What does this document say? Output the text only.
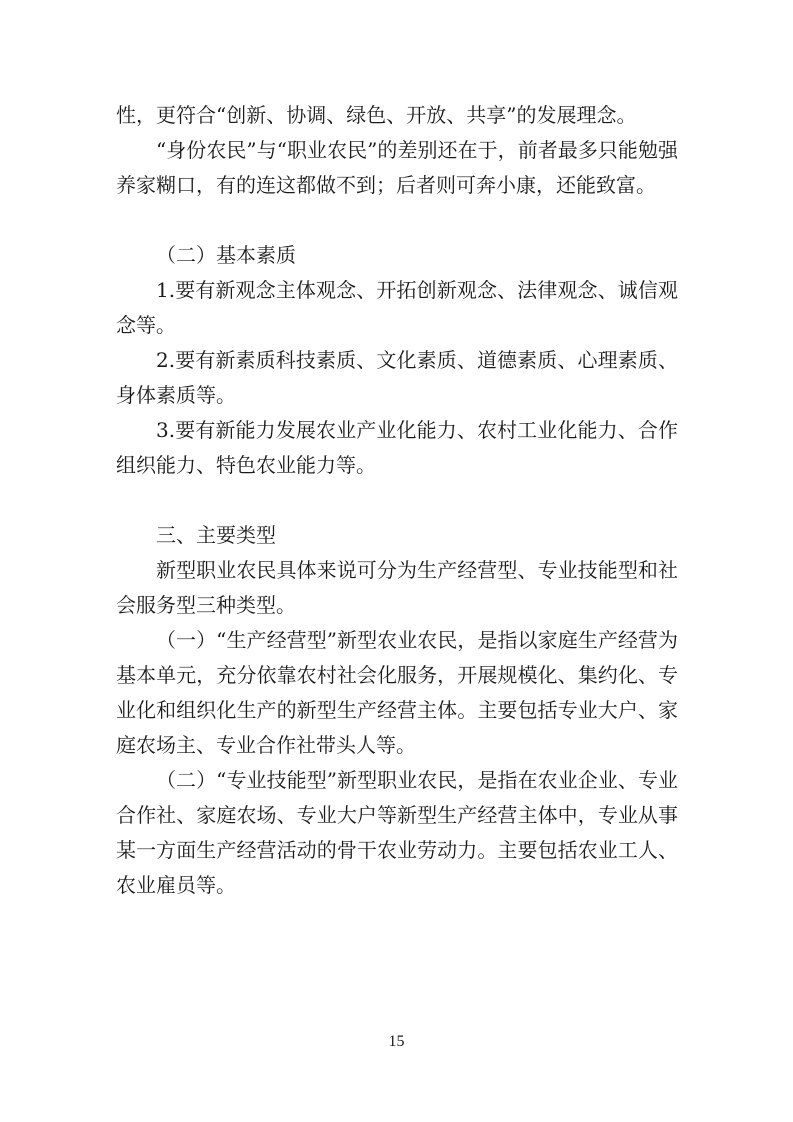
性，更符合“创新、协调、绿色、开放、共享”的发展理念。

“身份农民”与“职业农民”的差别还在于，前者最多只能勉强养家糊口，有的连这都做不到；后者则可奔小康，还能致富。

（二）基本素质

1.要有新观念主体观念、开拓创新观念、法律观念、诚信观念等。

2.要有新素质科技素质、文化素质、道德素质、心理素质、身体素质等。

3.要有新能力发展农业产业化能力、农村工业化能力、合作组织能力、特色农业能力等。

三、主要类型

新型职业农民具体来说可分为生产经营型、专业技能型和社会服务型三种类型。

（一）“生产经营型”新型农业农民，是指以家庭生产经营为基本单元，充分依靠农村社会化服务，开展规模化、集约化、专业化和组织化生产的新型生产经营主体。主要包括专业大户、家庭农场主、专业合作社带头人等。

（二）“专业技能型”新型职业农民，是指在农业企业、专业合作社、家庭农场、专业大户等新型生产经营主体中，专业从事某一方面生产经营活动的骨干农业劳动力。主要包括农业工人、农业雇员等。

15
